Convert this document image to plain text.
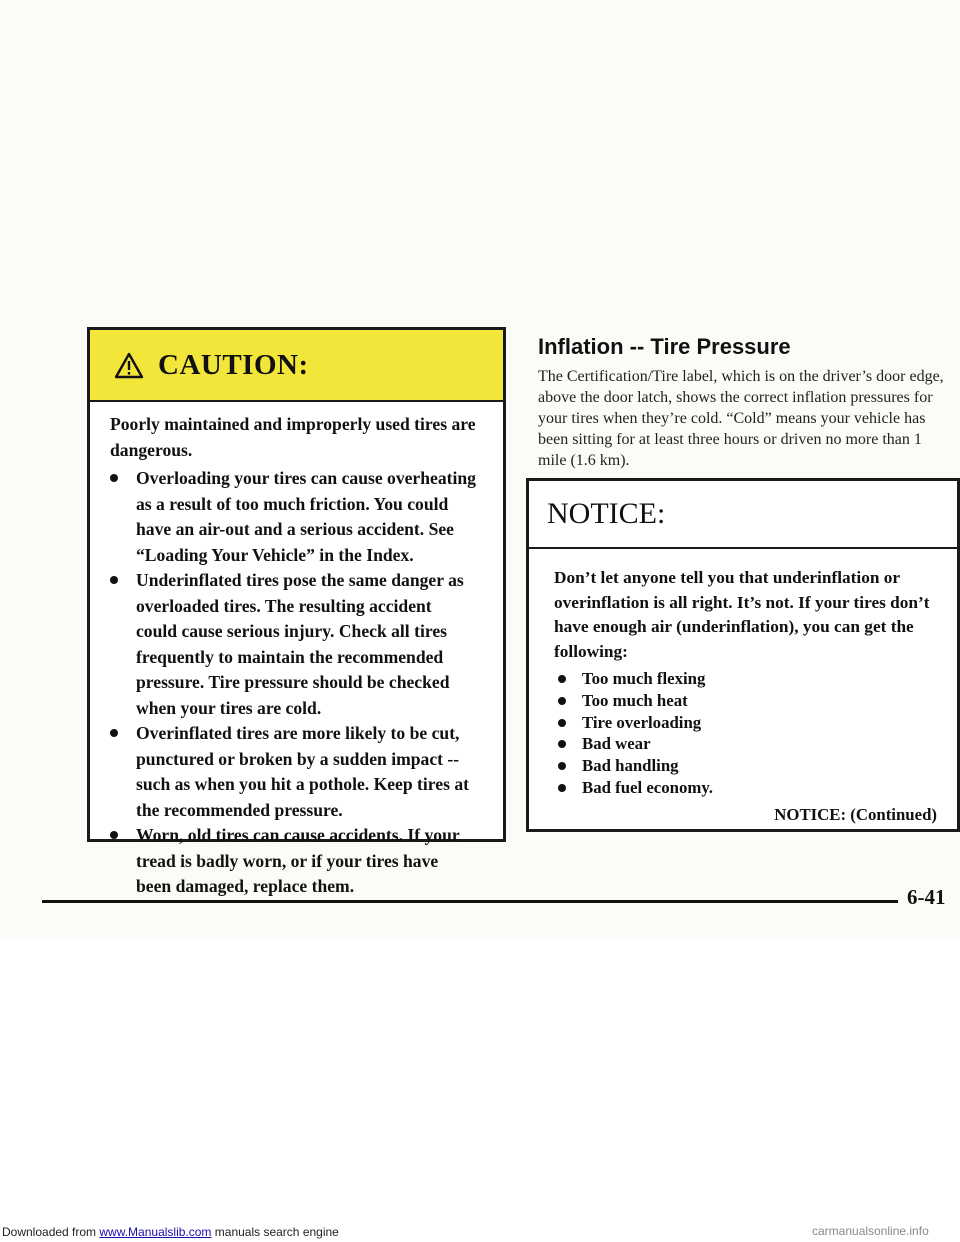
CAUTION:

Poorly maintained and improperly used tires are dangerous.

Overloading your tires can cause overheating as a result of too much friction. You could have an air-out and a serious accident. See “Loading Your Vehicle” in the Index.
Underinflated tires pose the same danger as overloaded tires. The resulting accident could cause serious injury. Check all tires frequently to maintain the recommended pressure. Tire pressure should be checked when your tires are cold.
Overinflated tires are more likely to be cut, punctured or broken by a sudden impact -- such as when you hit a pothole. Keep tires at the recommended pressure.
Worn, old tires can cause accidents. If your tread is badly worn, or if your tires have been damaged, replace them.
Inflation -- Tire Pressure

The Certification/Tire label, which is on the driver’s door edge, above the door latch, shows the correct inflation pressures for your tires when they’re cold. “Cold” means your vehicle has been sitting for at least three hours or driven no more than 1 mile (1.6 km).

NOTICE:

Don’t let anyone tell you that underinflation or overinflation is all right. It’s not. If your tires don’t have enough air (underinflation), you can get the following:

Too much flexing
Too much heat
Tire overloading
Bad wear
Bad handling
Bad fuel economy.
NOTICE: (Continued)
6-41
Downloaded from www.Manualslib.com manuals search engine	carmanualsonline.info
